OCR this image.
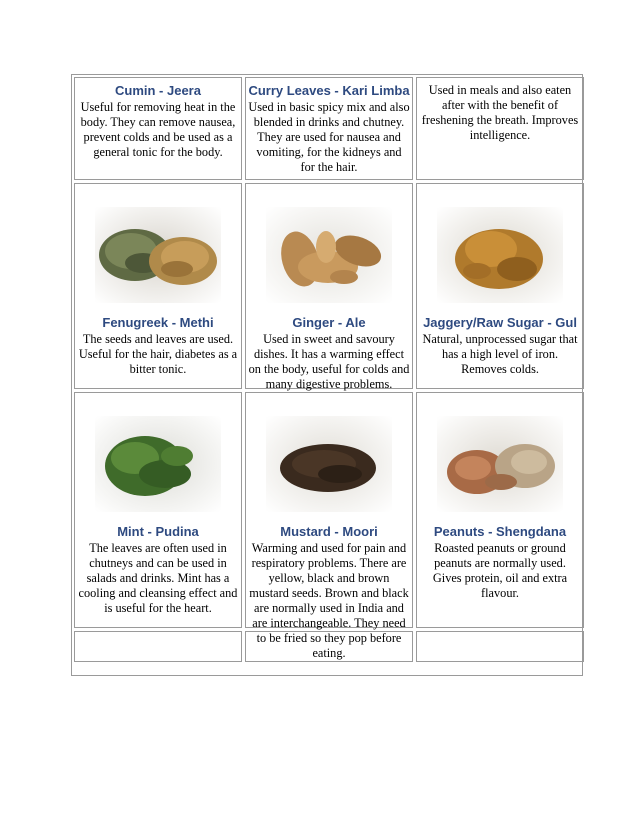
Cumin - Jeera
Useful for removing heat in the body. They can remove nausea, prevent colds and be used as a general tonic for the body.
Curry Leaves - Kari Limba
Used in basic spicy mix and also blended in drinks and chutney. They are used for nausea and vomiting, for the kidneys and for the hair.
Used in meals and also eaten after with the benefit of freshening the breath. Improves intelligence.
Fenugreek - Methi
The seeds and leaves are used. Useful for the hair, diabetes as a bitter tonic.
Ginger - Ale
Used in sweet and savoury dishes. It has a warming effect on the body, useful for colds and many digestive problems.
Jaggery/Raw Sugar - Gul
Natural, unprocessed sugar that has a high level of iron. Removes colds.
Mint - Pudina
The leaves are often used in chutneys and can be used in salads and drinks. Mint has a cooling and cleansing effect and is useful for the heart.
Mustard - Moori
Warming and used for pain and respiratory problems. There are yellow, black and brown mustard seeds. Brown and black are normally used in India and are interchangeable. They need to be fried so they pop before eating.
Peanuts - Shengdana
Roasted peanuts or ground peanuts are normally used. Gives protein, oil and extra flavour.
